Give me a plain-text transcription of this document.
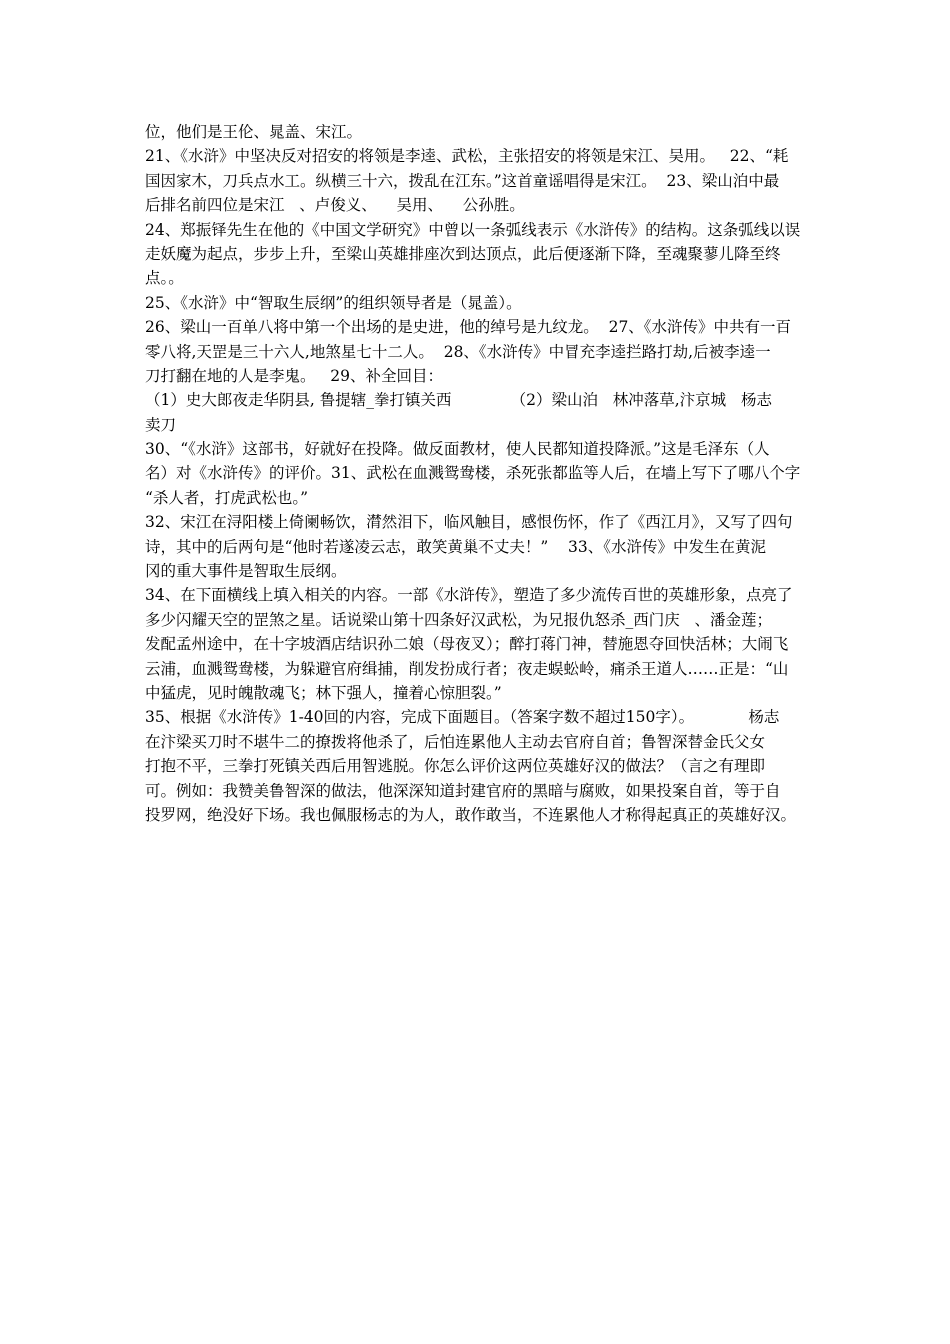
位，他们是王伦、晁盖、宋江。
21、《水浒》中坚决反对招安的将领是李逵、武松，主张招安的将领是宋江、吴用。   22、“耗
国因家木，刀兵点水工。纵横三十六，拨乱在江东。”这首童谣唱得是宋江。  23、梁山泊中最
后排名前四位是宋江   、卢俊义、    吴用、    公孙胜。
24、郑振铎先生在他的《中国文学研究》中曾以一条弧线表示《水浒传》的结构。这条弧线以误
走妖魔为起点，步步上升，至梁山英雄排座次到达顶点，此后便逐渐下降，至魂聚蓼儿降至终
点。。
25、《水浒》中“智取生辰纲”的组织领导者是（晁盖）。
26、梁山一百单八将中第一个出场的是史进，他的绰号是九纹龙。  27、《水浒传》中共有一百
零八将,天罡是三十六人,地煞星七十二人。  28、《水浒传》中冒充李逵拦路打劫,后被李逵一
刀打翻在地的人是李鬼。   29、补全回目：
（1）史大郎夜走华阴县, 鲁提辖_拳打镇关西            （2）梁山泊   林冲落草,汴京城   杨志
卖刀
30、“《水浒》这部书，好就好在投降。做反面教材，使人民都知道投降派。”这是毛泽东（人
名）对《水浒传》的评价。31、武松在血溅鸳鸯楼，杀死张都监等人后，在墙上写下了哪八个字
“杀人者，打虎武松也。”
32、宋江在浔阳楼上倚阑畅饮，潸然泪下，临风触目，感恨伤怀，作了《西江月》，又写了四句
诗，其中的后两句是“他时若遂凌云志，敢笑黄巢不丈夫！”    33、《水浒传》中发生在黄泥
冈的重大事件是智取生辰纲。
34、在下面横线上填入相关的内容。一部《水浒传》，塑造了多少流传百世的英雄形象，点亮了
多少闪耀天空的罡煞之星。话说梁山第十四条好汉武松，为兄报仇怒杀_西门庆   、潘金莲；
发配孟州途中，在十字坡酒店结识孙二娘（母夜叉）；醉打蒋门神，替施恩夺回快活林；大闹飞
云浦，血溅鸳鸯楼，为躲避官府缉捕，削发扮成行者；夜走蜈蚣岭，痛杀王道人……正是：“山
中猛虎，见时魄散魂飞；林下强人，撞着心惊胆裂。”
35、根据《水浒传》1-40回的内容，完成下面题目。（答案字数不超过150字）。           杨志
在汴梁买刀时不堪牛二的撩拨将他杀了，后怕连累他人主动去官府自首；鲁智深替金氏父女
打抱不平，三拳打死镇关西后用智逃脱。你怎么评价这两位英雄好汉的做法？（言之有理即
可。例如：我赞美鲁智深的做法，他深深知道封建官府的黑暗与腐败，如果投案自首，等于自
投罗网，绝没好下场。我也佩服杨志的为人，敢作敢当，不连累他人才称得起真正的英雄好汉。
